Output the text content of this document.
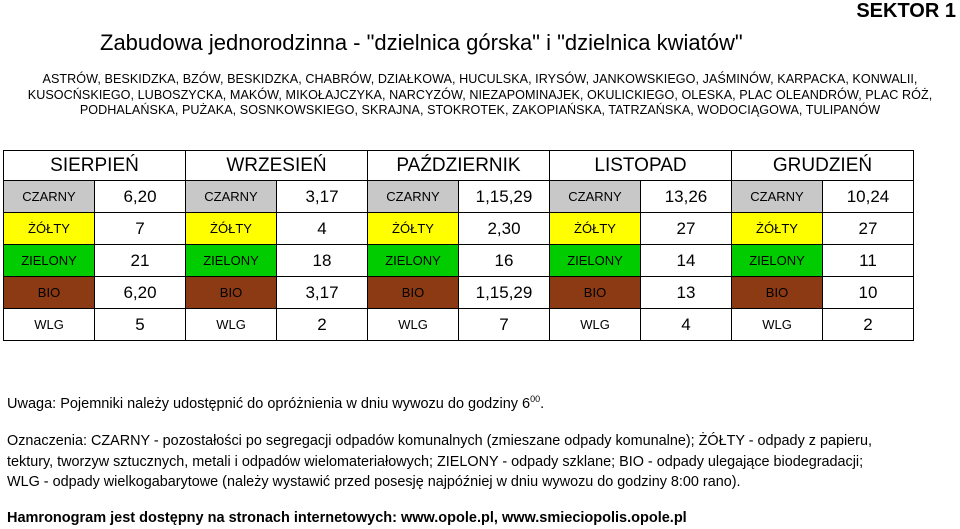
SEKTOR 1
Zabudowa jednorodzinna - "dzielnica górska" i "dzielnica kwiatów"
ASTRÓW, BESKIDZKA, BZÓW, BESKIDZKA, CHABRÓW, DZIAŁKOWA, HUCULSKA, IRYSÓW, JANKOWSKIEGO, JAŚMINÓW, KARPACKA, KONWALII, KUSOCŃSKIEGO, LUBOSZYCKA, MAKÓW, MIKOŁAJCZYKA, NARCYZÓW, NIEZAPOMINAJEK, OKULICKIEGO, OLESKA, PLAC OLEANDRÓW, PLAC RÓŻ, PODHALAŃSKA, PUŻAKA, SOSNKOWSKIEGO, SKRAJNA, STOKROTEK, ZAKOPIAŃSKA, TATRZAŃSKA, WODOCIĄGOWA, TULIPANÓW
SIERPIEŃ		WRZESIEŃ		PAŹDZIERNIK		LISTOPAD		GRUDZIEŃ	
CZARNY	6,20	CZARNY	3,17	CZARNY	1,15,29	CZARNY	13,26	CZARNY	10,24
ŻÓŁTY	7	ŻÓŁTY	4	ŻÓŁTY	2,30	ŻÓŁTY	27	ŻÓŁTY	27
ZIELONY	21	ZIELONY	18	ZIELONY	16	ZIELONY	14	ZIELONY	11
BIO	6,20	BIO	3,17	BIO	1,15,29	BIO	13	BIO	10
WLG	5	WLG	2	WLG	7	WLG	4	WLG	2
Uwaga: Pojemniki należy udostępnić do opróżnienia w dniu wywozu do godziny $6^{00}$.
Oznaczenia: CZARNY - pozostałości po segregacji odpadów komunalnych (zmieszane odpady komunalne); ŻÓŁTY - odpady z papieru, tektury, tworzyw sztucznych, metali i odpadów wielomateriałowych; ZIELONY - odpady szklane; BIO - odpady ulegające biodegradacji; WLG - odpady wielkogabarytowe (należy wystawić przed posesję najpóźniej w dniu wywozu do godziny 8:00 rano).
Hamronogram jest dostępny na stronach internetowych: www.opole.pl, www.smieciopolis.opole.pl
